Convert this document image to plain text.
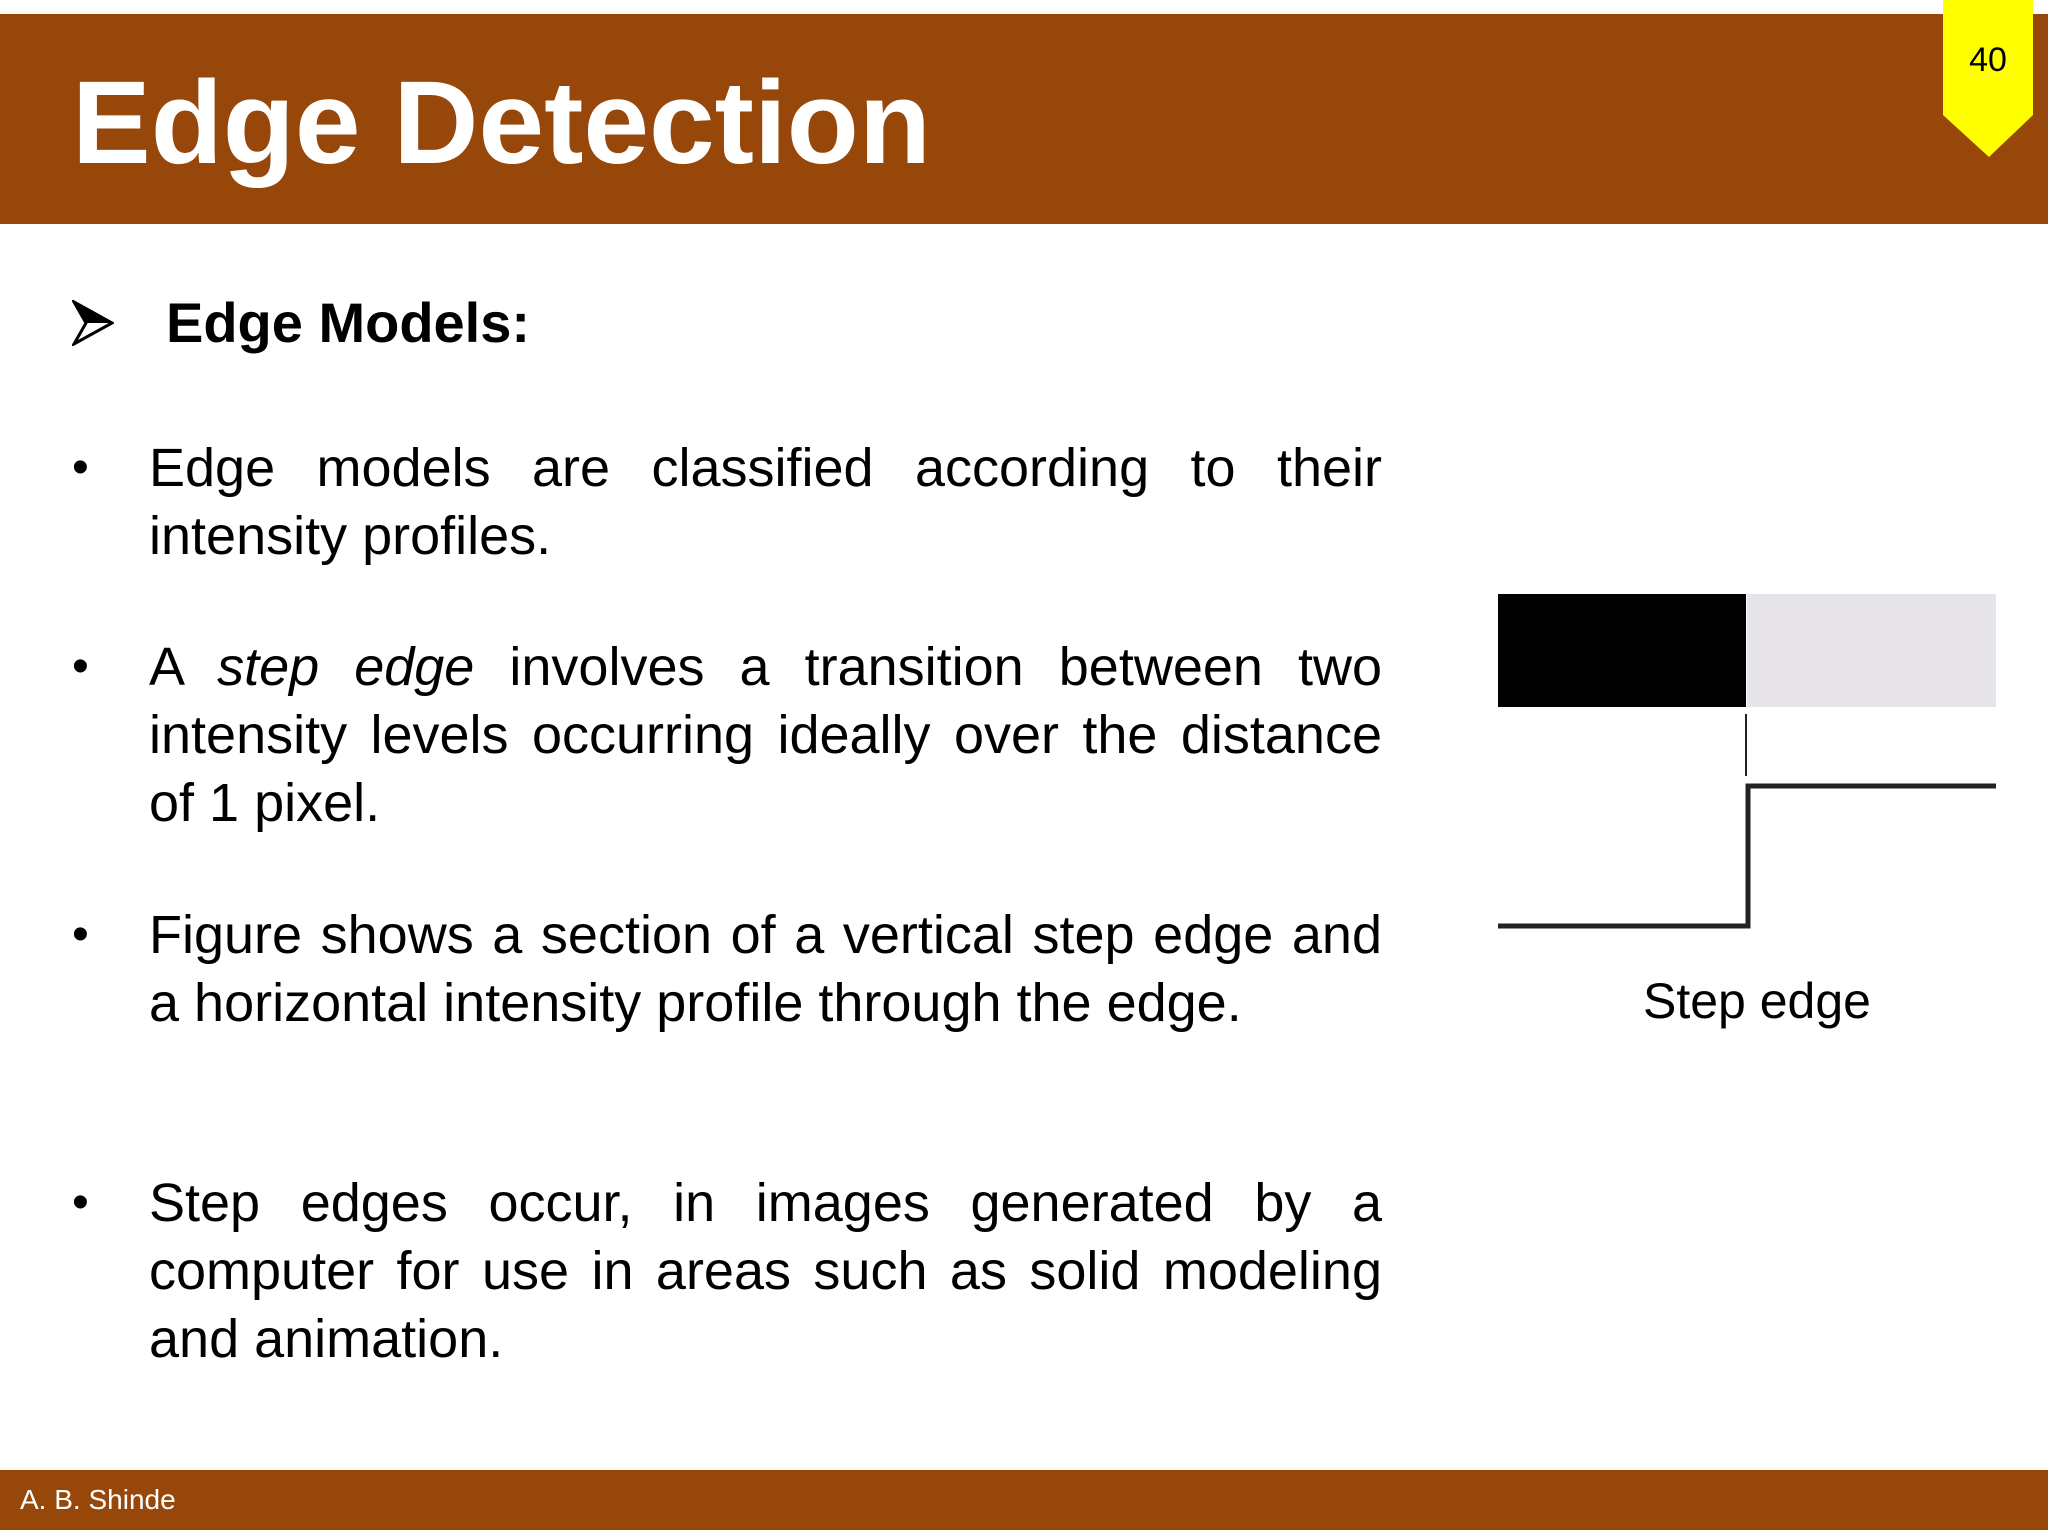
Edge Detection	40
Edge Models:
• Edge models are classified according to their intensity profiles.

• A step edge involves a transition between two intensity levels occurring ideally over the distance of 1 pixel.

• Figure shows a section of a vertical step edge and a horizontal intensity profile through the edge.

• Step edges occur, in images generated by a computer for use in areas such as solid modeling and animation.

Step edge
A. B. Shinde
